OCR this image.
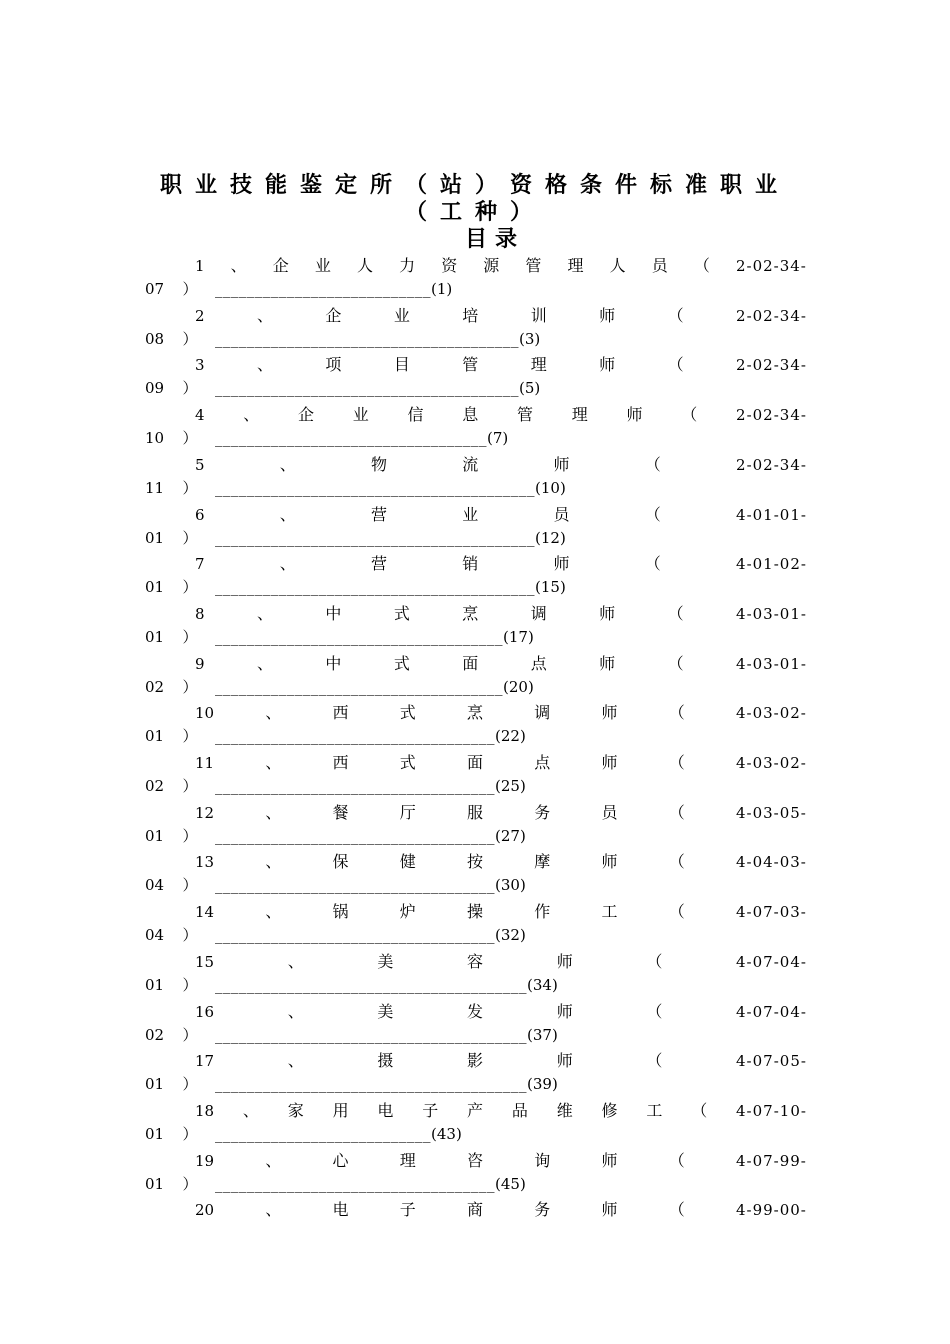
职业技能鉴定所（站）资格条件标准职业
（工种）
目录
1 、 企 业 人 力 资 源 管 理 人 员 （ 2-02-34-
07	）	___________________________ (1)
2	、	企	业	培	训	师	（	2-02-34-
08	）	______________________________________ (3)
3	、	项	目	管	理	师	（	2-02-34-
09	）	______________________________________ (5)
4 、 企 业 信 息 管 理 师 （	2-02-34-
10	）	__________________________________ (7)
5	、	物	流	师	（	2-02-34-
11	）	________________________________________ (10)
6	、	营	业	员	（	4-01-01-
01	）	________________________________________ (12)
7	、	营	销	师	（	4-01-02-
01	）	________________________________________ (15)
8	、	中	式	烹	调	师	（	4-03-01-
01	）	____________________________________ (17)
9	、	中	式	面	点	师	（	4-03-01-
02	）	____________________________________ (20)
10	、	西	式	烹	调	师	（	4-03-02-
01	）	___________________________________ (22)
11	、	西	式	面	点	师	（	4-03-02-
02	）	___________________________________ (25)
12	、	餐	厅	服	务	员	（	4-03-05-
01	）	___________________________________ (27)
13	、	保	健	按	摩	师	（	4-04-03-
04	）	___________________________________ (30)
14	、	锅	炉	操	作	工	（	4-07-03-
04	）	___________________________________ (32)
15	、	美	容	师	（	4-07-04-
01	）	_______________________________________ (34)
16	、	美	发	师	（	4-07-04-
02	）	_______________________________________ (37)
17	、	摄	影	师	（	4-07-05-
01	）	_______________________________________ (39)
18 、 家 用 电 子 产 品 维 修 工 （ 4-07-10-
01	）	___________________________ (43)
19	、	心	理	咨	询	师	（	4-07-99-
01	）	___________________________________ (45)
20	、	电	子	商	务	师	（	4-99-00-
